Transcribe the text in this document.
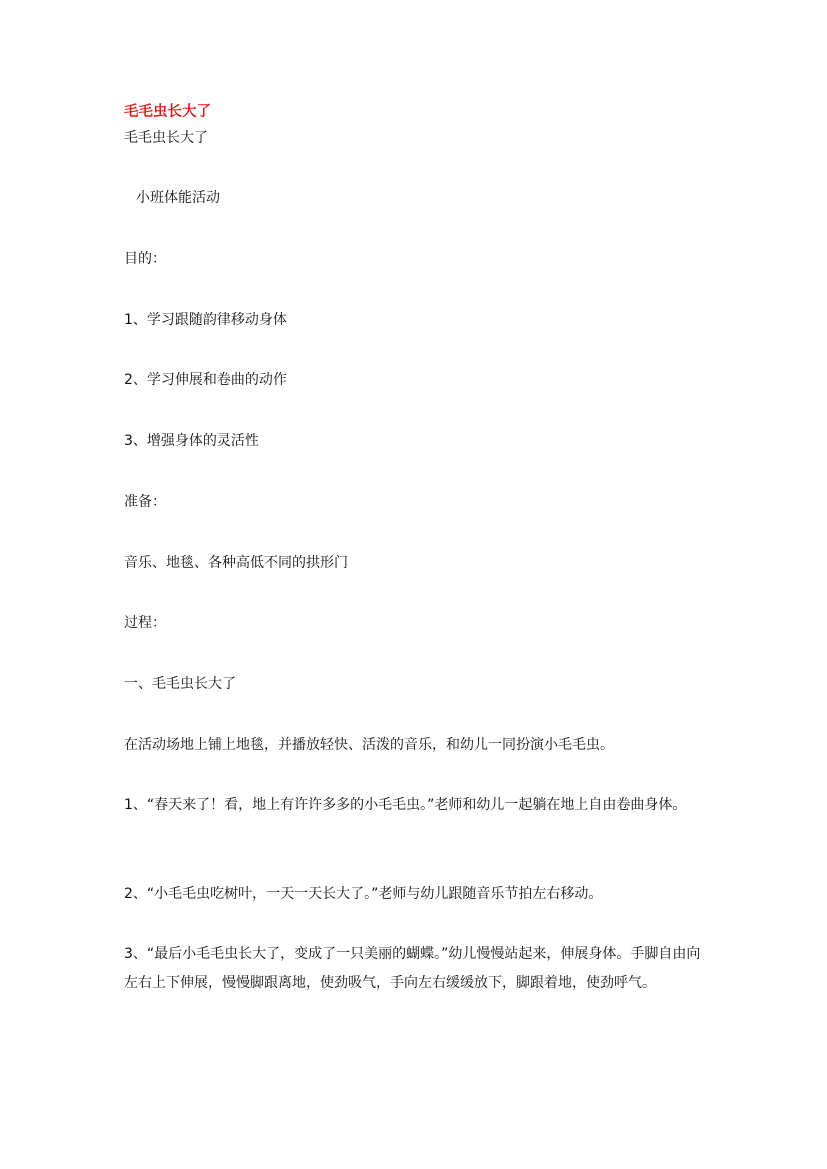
毛毛虫长大了
毛毛虫长大了
小班体能活动
目的：
1、学习跟随韵律移动身体
2、学习伸展和卷曲的动作
3、增强身体的灵活性
准备：
音乐、地毯、各种高低不同的拱形门
过程：
一、毛毛虫长大了
在活动场地上铺上地毯，并播放轻快、活泼的音乐，和幼儿一同扮演小毛毛虫。
1、“春天来了！看，地上有许许多多的小毛毛虫。”老师和幼儿一起躺在地上自由卷曲身体。
2、“小毛毛虫吃树叶，一天一天长大了。”老师与幼儿跟随音乐节拍左右移动。
3、“最后小毛毛虫长大了，变成了一只美丽的蝴蝶。”幼儿慢慢站起来，伸展身体。手脚自由向左右上下伸展，慢慢脚跟离地，使劲吸气，手向左右缓缓放下，脚跟着地，使劲呼气。
